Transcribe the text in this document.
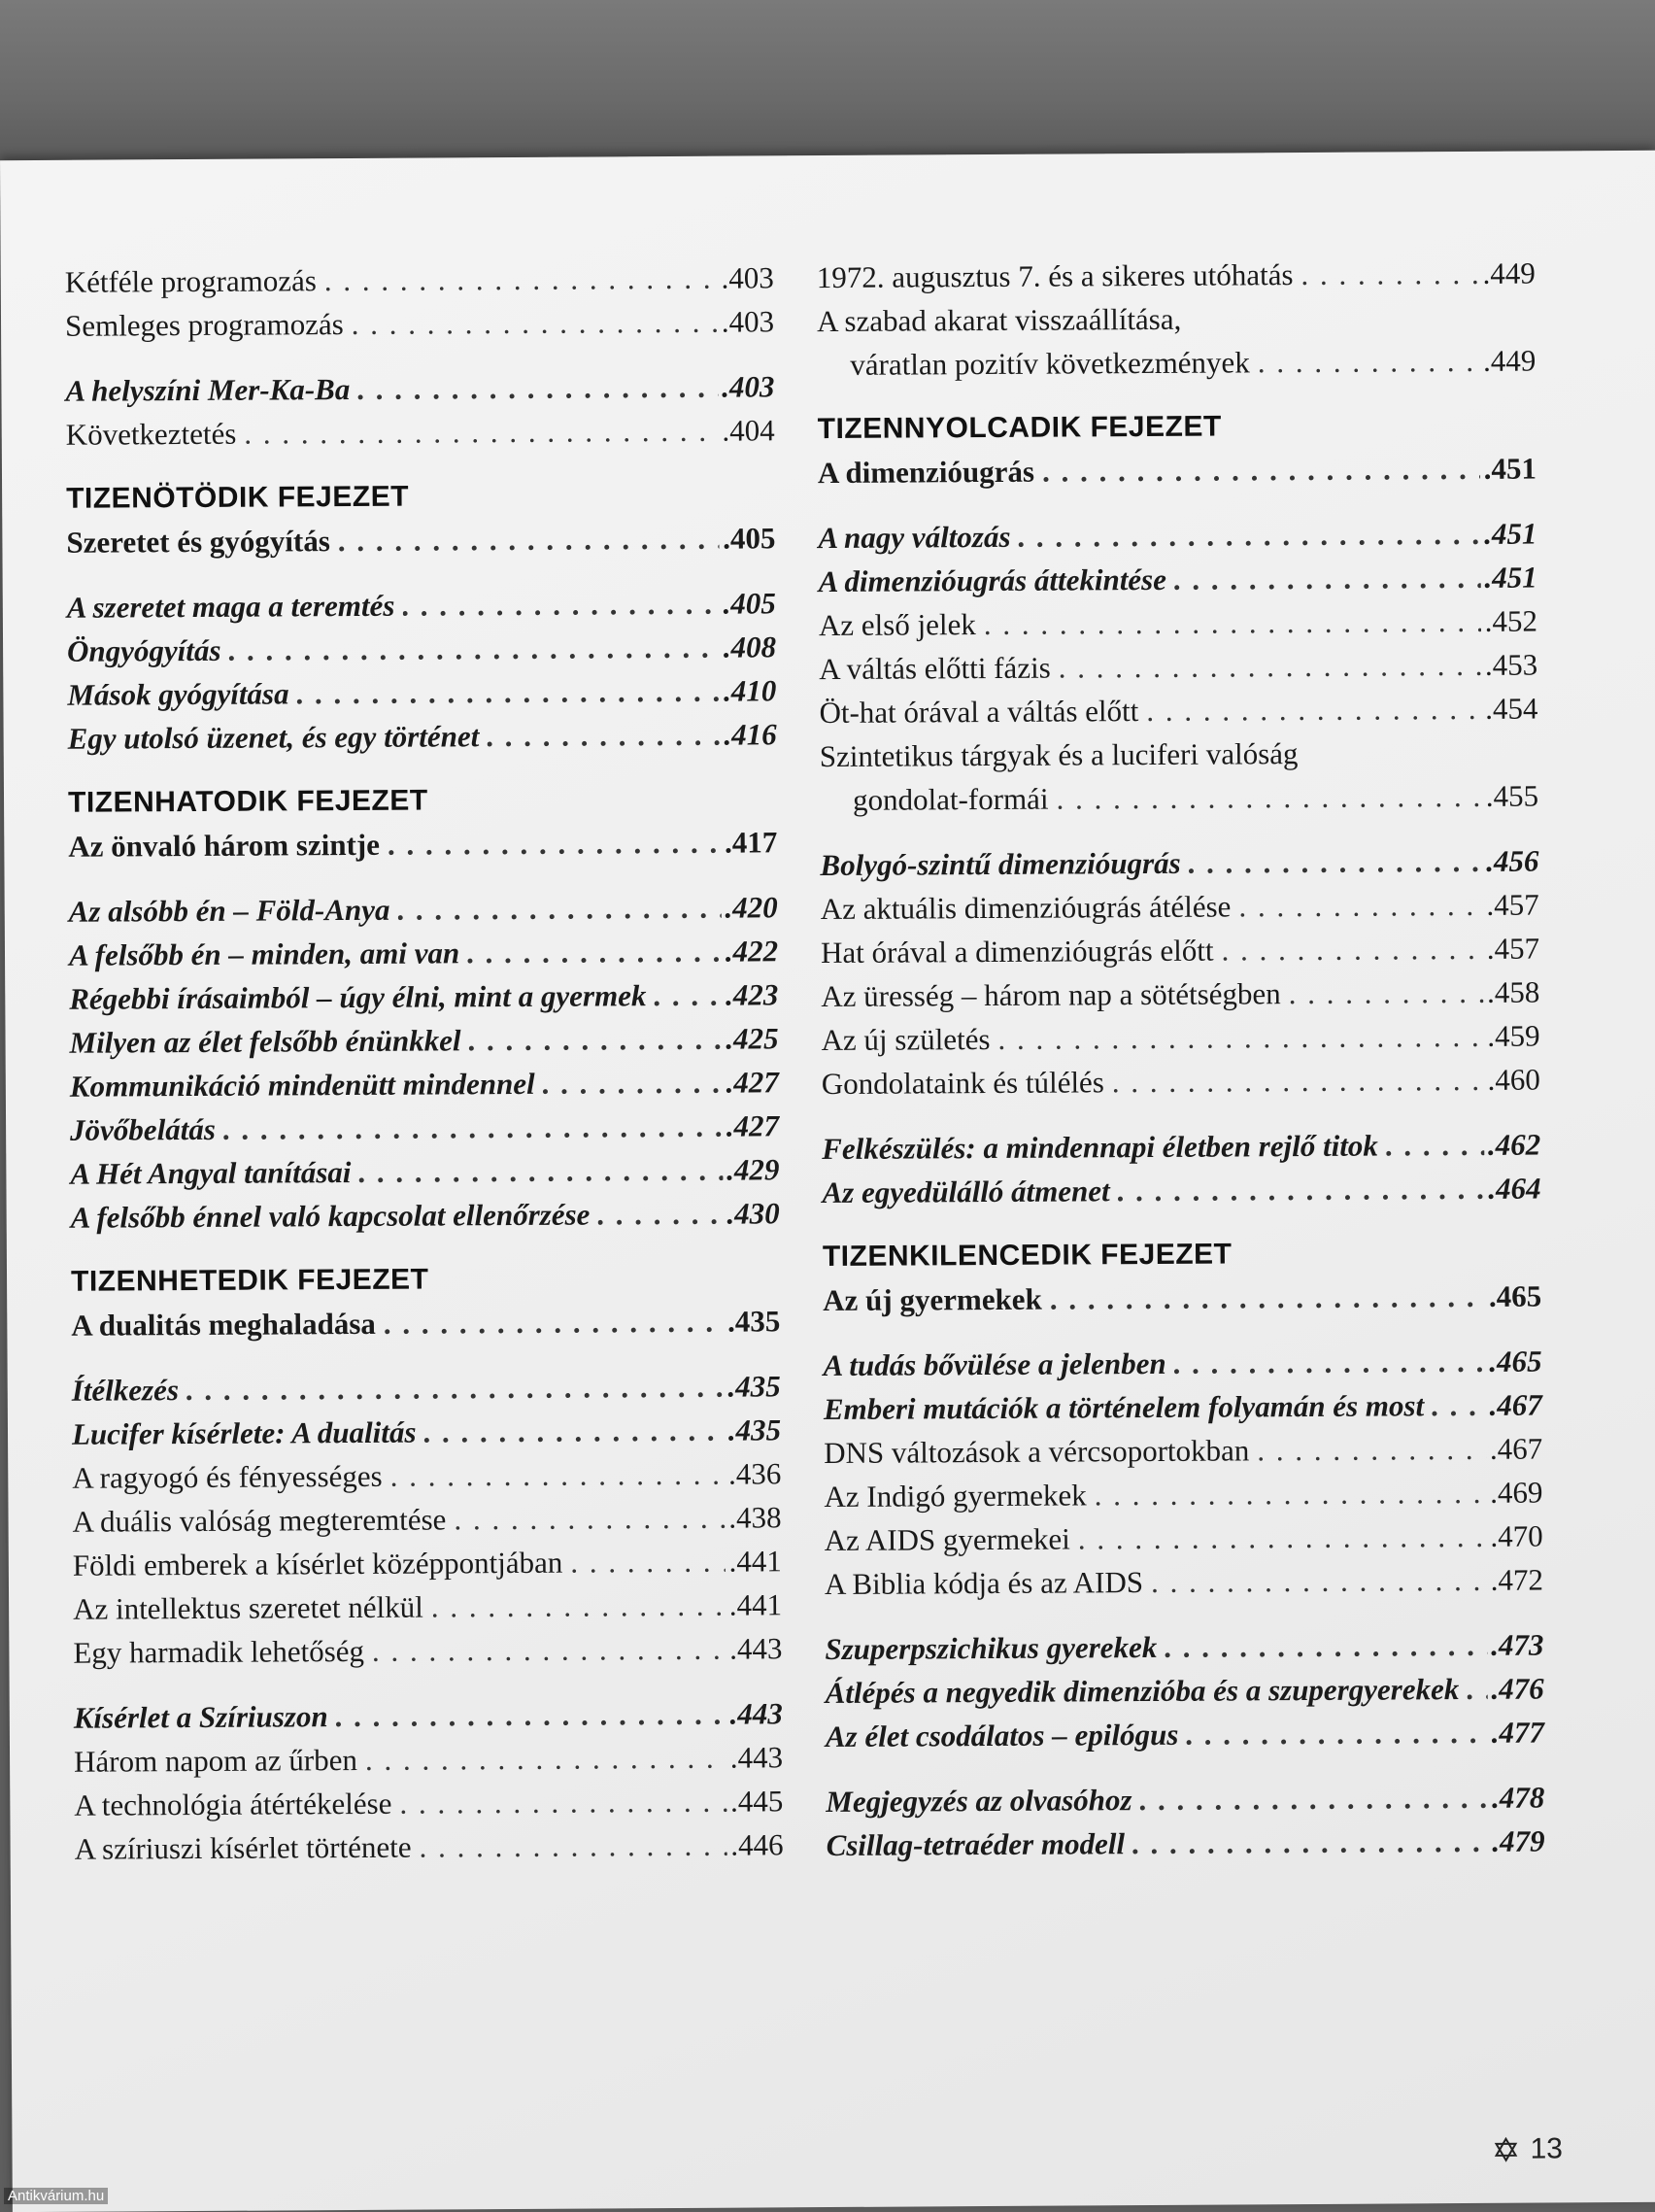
Kétféle programozás . . .	.403
Semleges programozás . . .	.403
A helyszíni Mer-Ka-Ba . . .	.403
Következtetés . . .	.404
TIZENÖTÖDIK FEJEZET
Szeretet és gyógyítás . . .	.405
A szeretet maga a teremtés . . .	.405
Öngyógyítás . . .	.408
Mások gyógyítása . . .	.410
Egy utolsó üzenet, és egy történet . . .	.416
TIZENHATODIK FEJEZET
Az önvaló három szintje . . .	.417
Az alsóbb én – Föld-Anya . . .	.420
A felsőbb én – minden, ami van . . .	.422
Régebbi írásaimból – úgy élni, mint a gyermek . . .	.423
Milyen az élet felsőbb énünkkel . . .	.425
Kommunikáció mindenütt mindennel . . .	.427
Jövőbelátás . . .	.427
A Hét Angyal tanításai . . .	.429
A felsőbb énnel való kapcsolat ellenőrzése . . .	.430
TIZENHETEDIK FEJEZET
A dualitás meghaladása . . .	.435
Ítélkezés . . .	.435
Lucifer kísérlete: A dualitás . . .	.435
A ragyogó és fényességes . . .	.436
A duális valóság megteremtése . . .	.438
Földi emberek a kísérlet középpontjában . . .	.441
Az intellektus szeretet nélkül . . .	.441
Egy harmadik lehetőség . . .	.443
Kísérlet a Szíriuszon . . .	.443
Három napom az űrben . . .	.443
A technológia átértékelése . . .	.445
A szíriuszi kísérlet története . . .	.446
1972. augusztus 7. és a sikeres utóhatás . . .	.449
A szabad akarat visszaállítása,
váratlan pozitív következmények . . .	.449
TIZENNYOLCADIK FEJEZET
A dimenzióugrás . . .	.451
A nagy változás . . .	.451
A dimenzióugrás áttekintése . . .	.451
Az első jelek . . .	.452
A váltás előtti fázis . . .	.453
Öt-hat órával a váltás előtt . . .	.454
Szintetikus tárgyak és a luciferi valóság
gondolat-formái . . .	.455
Bolygó-szintű dimenzióugrás . . .	.456
Az aktuális dimenzióugrás átélése . . .	.457
Hat órával a dimenzióugrás előtt . . .	.457
Az üresség – három nap a sötétségben . . .	.458
Az új születés . . .	.459
Gondolataink és túlélés . . .	.460
Felkészülés: a mindennapi életben rejlő titok . . .	.462
Az egyedülálló átmenet . . .	.464
TIZENKILENCEDIK FEJEZET
Az új gyermekek . . .	.465
A tudás bővülése a jelenben . . .	.465
Emberi mutációk a történelem folyamán és most . . . .467
DNS változások a vércsoportokban . . .	.467
Az Indigó gyermekek . . .	.469
Az AIDS gyermekei . . .	.470
A Biblia kódja és az AIDS . . .	.472
Szuperpszichikus gyerekek . . .	.473
Átlépés a negyedik dimenzióba és a szupergyerekek . . . .476
Az élet csodálatos – epilógus . . .	.477
Megjegyzés az olvasóhoz . . .	.478
Csillag-tetraéder modell . . .	.479
13
Antikvárium.hu
